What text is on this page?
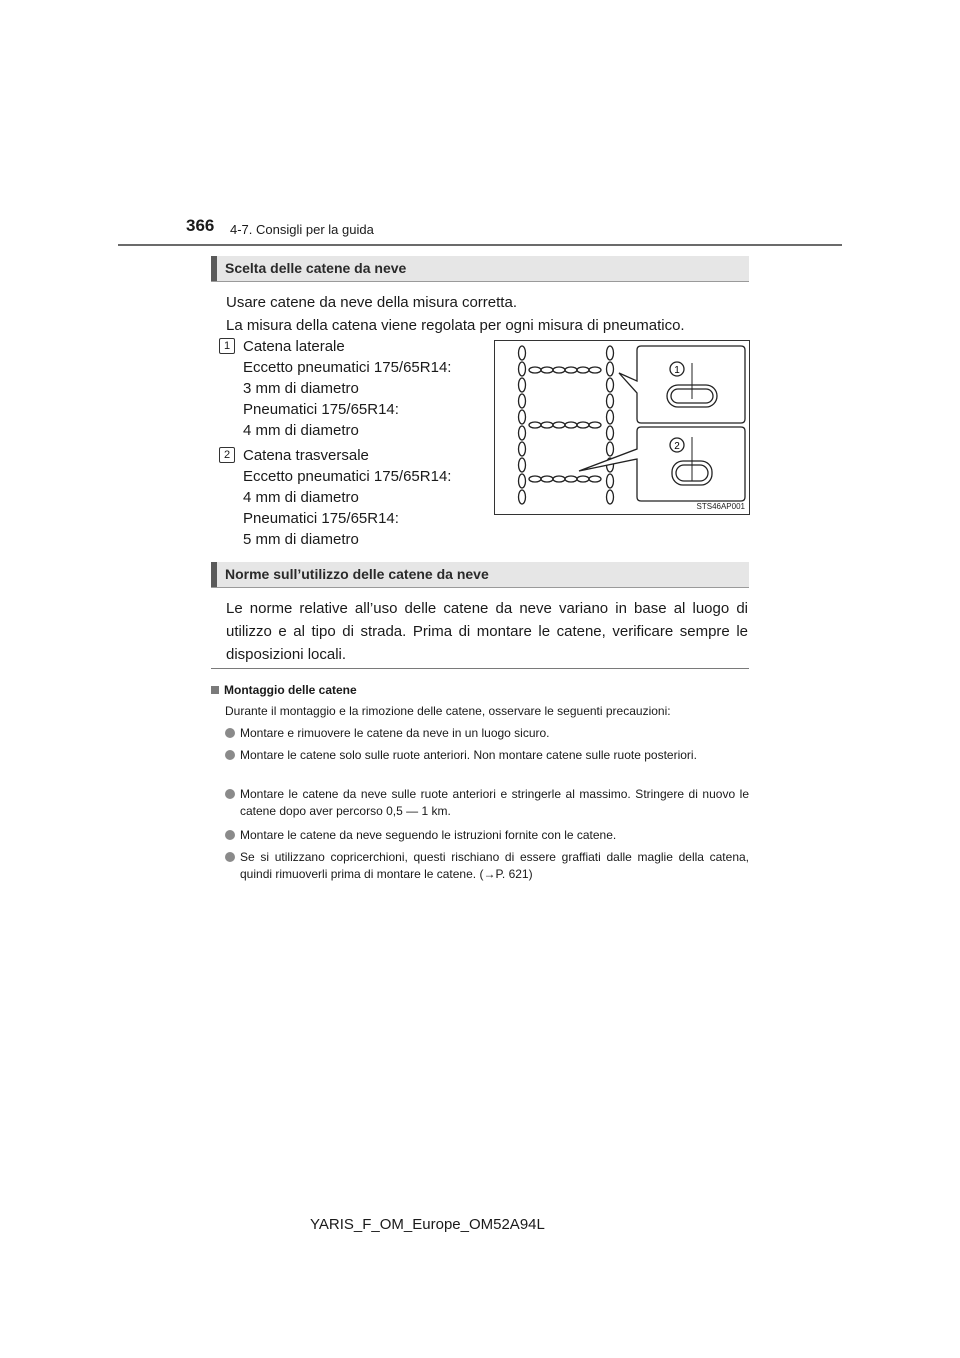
366 4-7. Consigli per la guida
Scelta delle catene da neve
Usare catene da neve della misura corretta.
La misura della catena viene regolata per ogni misura di pneumatico.
1 Catena laterale
Eccetto pneumatici 175/65R14:
3 mm di diametro
Pneumatici 175/65R14:
4 mm di diametro
2 Catena trasversale
Eccetto pneumatici 175/65R14:
4 mm di diametro
Pneumatici 175/65R14:
5 mm di diametro
1
2
STS46AP001
Norme sull’utilizzo delle catene da neve
Le norme relative all’uso delle catene da neve variano in base al luogo di utilizzo e al tipo di strada. Prima di montare le catene, verificare sempre le disposizioni locali.
Montaggio delle catene
Durante il montaggio e la rimozione delle catene, osservare le seguenti precauzioni:
Montare e rimuovere le catene da neve in un luogo sicuro.
Montare le catene solo sulle ruote anteriori. Non montare catene sulle ruote posteriori.
Montare le catene da neve sulle ruote anteriori e stringerle al massimo. Stringere di nuovo le catene dopo aver percorso 0,5 — 1 km.
Montare le catene da neve seguendo le istruzioni fornite con le catene.
Se si utilizzano copricerchioni, questi rischiano di essere graffiati dalle maglie della catena, quindi rimuoverli prima di montare le catene. (→P. 621)
YARIS_F_OM_Europe_OM52A94L
